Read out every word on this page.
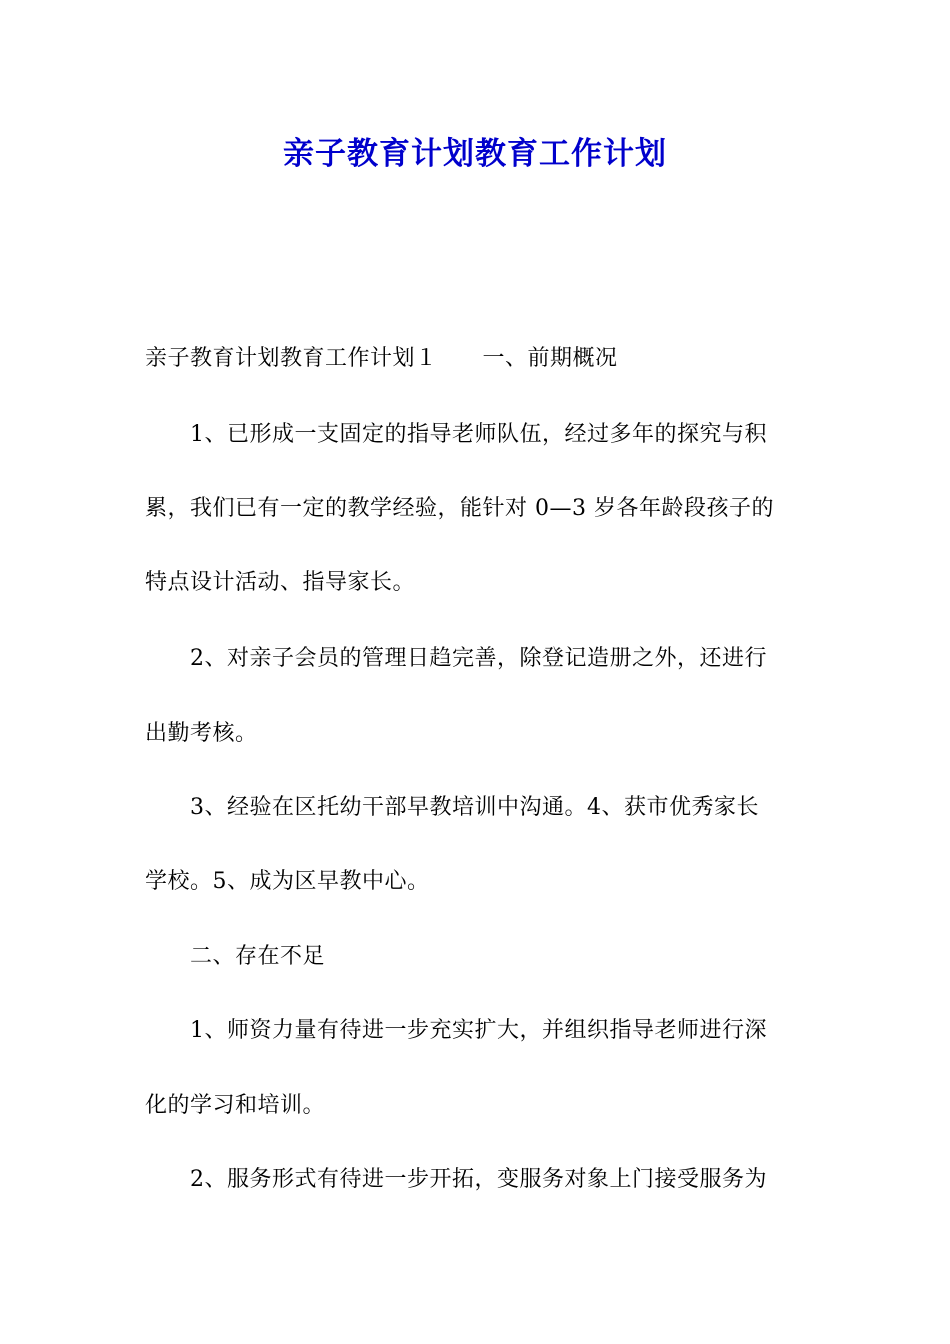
亲子教育计划教育工作计划

亲子教育计划教育工作计划１　　一、前期概况

1、已形成一支固定的指导老师队伍，经过多年的探究与积

累，我们已有一定的教学经验，能针对 0—3 岁各年龄段孩子的

特点设计活动、指导家长。

2、对亲子会员的管理日趋完善，除登记造册之外，还进行

出勤考核。

3、经验在区托幼干部早教培训中沟通。4、获市优秀家长

学校。5、成为区早教中心。

二、存在不足

1、师资力量有待进一步充实扩大，并组织指导老师进行深

化的学习和培训。

2、服务形式有待进一步开拓，变服务对象上门接受服务为
